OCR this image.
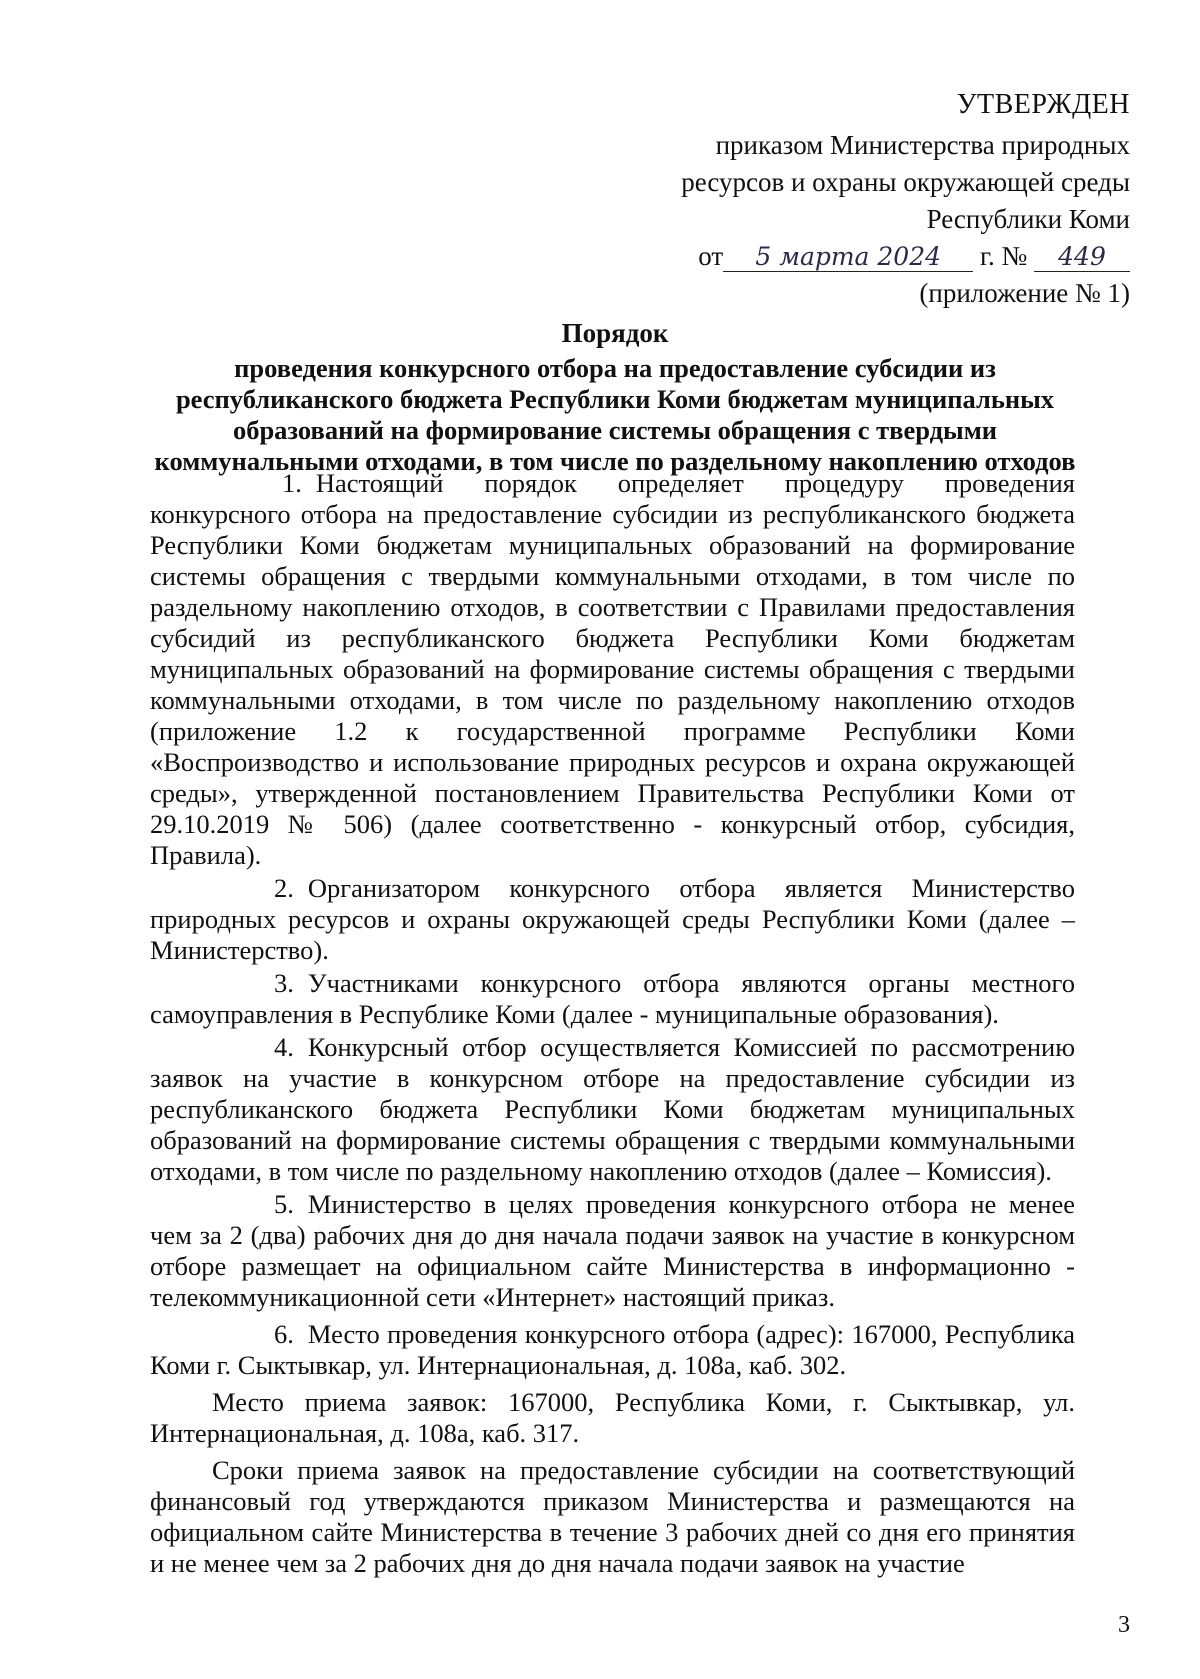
УТВЕРЖДЕН
приказом Министерства природных
ресурсов и охраны окружающей среды
Республики Коми
от 5 марта 2024 г. № 449
(приложение № 1)
Порядок
проведения конкурсного отбора на предоставление субсидии из республиканского бюджета Республики Коми бюджетам муниципальных образований на формирование системы обращения с твердыми коммунальными отходами, в том числе по раздельному накоплению отходов

1. Настоящий порядок определяет процедуру проведения конкурсного отбора на предоставление субсидии из республиканского бюджета Республики Коми бюджетам муниципальных образований на формирование системы обращения с твердыми коммунальными отходами, в том числе по раздельному накоплению отходов, в соответствии с Правилами предоставления субсидий из республиканского бюджета Республики Коми бюджетам муниципальных образований на формирование системы обращения с твердыми коммунальными отходами, в том числе по раздельному накоплению отходов (приложение 1.2 к государственной программе Республики Коми «Воспроизводство и использование природных ресурсов и охрана окружающей среды», утвержденной постановлением Правительства Республики Коми от 29.10.2019 № 506) (далее соответственно - конкурсный отбор, субсидия, Правила).

2. Организатором конкурсного отбора является Министерство природных ресурсов и охраны окружающей среды Республики Коми (далее – Министерство).

3. Участниками конкурсного отбора являются органы местного самоуправления в Республике Коми (далее - муниципальные образования).

4. Конкурсный отбор осуществляется Комиссией по рассмотрению заявок на участие в конкурсном отборе на предоставление субсидии из республиканского бюджета Республики Коми бюджетам муниципальных образований на формирование системы обращения с твердыми коммунальными отходами, в том числе по раздельному накоплению отходов (далее – Комиссия).

5. Министерство в целях проведения конкурсного отбора не менее чем за 2 (два) рабочих дня до дня начала подачи заявок на участие в конкурсном отборе размещает на официальном сайте Министерства в информационно - телекоммуникационной сети «Интернет» настоящий приказ.

6. Место проведения конкурсного отбора (адрес): 167000, Республика Коми г. Сыктывкар, ул. Интернациональная, д. 108а, каб. 302.

Место приема заявок: 167000, Республика Коми, г. Сыктывкар, ул. Интернациональная, д. 108а, каб. 317.

Сроки приема заявок на предоставление субсидии на соответствующий финансовый год утверждаются приказом Министерства и размещаются на официальном сайте Министерства в течение 3 рабочих дней со дня его принятия и не менее чем за 2 рабочих дня до дня начала подачи заявок на участие

3
